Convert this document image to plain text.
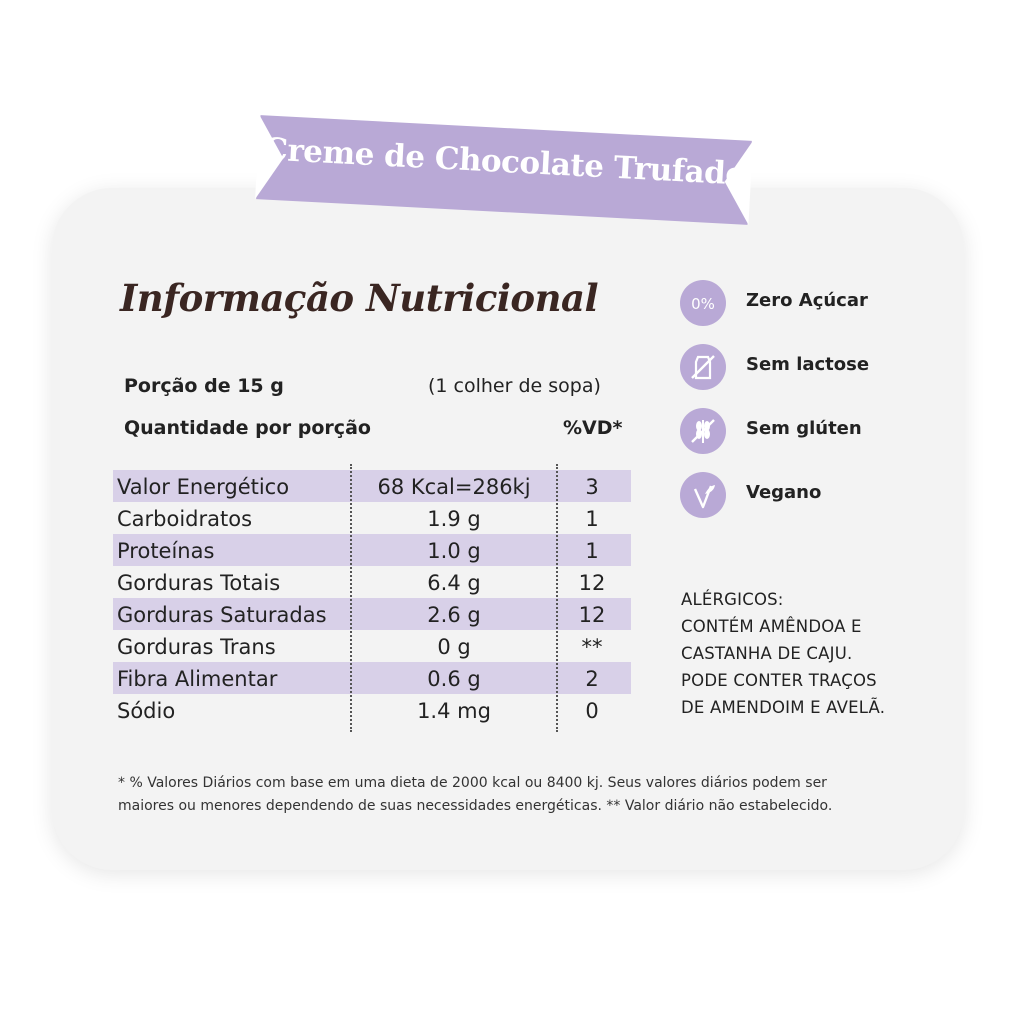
Creme de Chocolate Trufado
Informação Nutricional
Porção de 15 g	(1 colher de sopa)
Quantidade por porção	%VD*
Valor Energético	68 Kcal=286kj	3
Carboidratos	1.9 g	1
Proteínas	1.0 g	1
Gorduras Totais	6.4 g	12
Gorduras Saturadas	2.6 g	12
Gorduras Trans	0 g	**
Fibra Alimentar	0.6 g	2
Sódio	1.4 mg	0
0% Zero Açúcar
Sem lactose
Sem glúten
Vegano
ALÉRGICOS:
CONTÉM AMÊNDOA E
CASTANHA DE CAJU.
PODE CONTER TRAÇOS
DE AMENDOIM E AVELÃ.
* % Valores Diários com base em uma dieta de 2000 kcal ou 8400 kj. Seus valores diários podem ser
maiores ou menores dependendo de suas necessidades energéticas. ** Valor diário não estabelecido.
